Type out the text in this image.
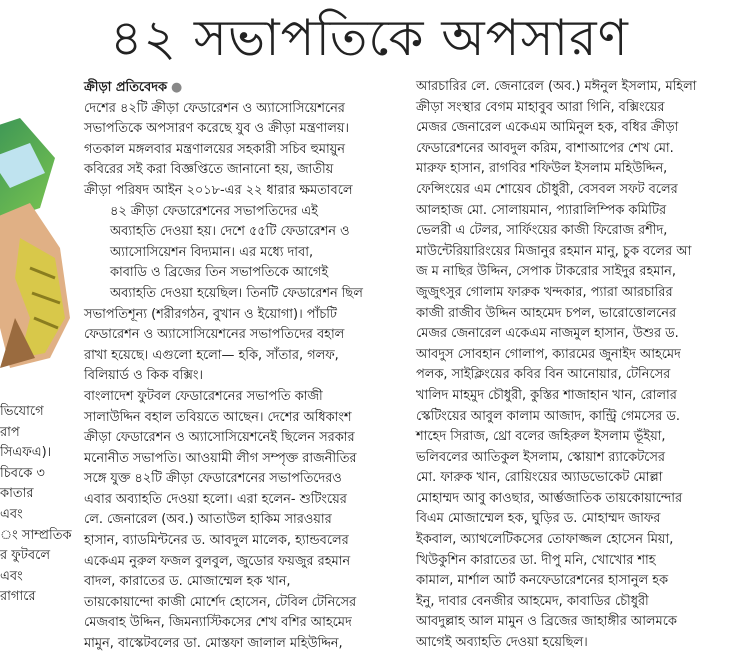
৪২ সভাপতিকে অপসারণ
ভিযোগে
রাপ
সিএফএ)।
চিবকে ৩
কাতার
এবং
ং সাম্প্রতিক
র ফুটবলে
এবং
রাগারে
ক্রীড়া প্রতিবেদক ●
দেশের ৪২টি ক্রীড়া ফেডারেশন ও অ্যাসোসিয়েশনের
সভাপতিকে অপসারণ করেছে যুব ও ক্রীড়া মন্ত্রণালয়।
গতকাল মঙ্গলবার মন্ত্রণালয়ের সহকারী সচিব হুমায়ুন
কবিরের সই করা বিজ্ঞপ্তিতে জানানো হয়, জাতীয়
ক্রীড়া পরিষদ আইন ২০১৮-এর ২২ ধারার ক্ষমতাবলে
৪২ ক্রীড়া ফেডারেশনের সভাপতিদের এই
অব্যাহতি দেওয়া হয়। দেশে ৫৫টি ফেডারেশন ও
অ্যাসোসিয়েশন বিদ্যমান। এর মধ্যে দাবা,
কাবাডি ও ব্রিজের তিন সভাপতিকে আগেই
অব্যাহতি দেওয়া হয়েছিল। তিনটি ফেডারেশন ছিল
সভাপতিশূন্য (শরীরগঠন, বুখান ও ইয়োগা)। পাঁচটি
ফেডারেশন ও অ্যাসোসিয়েশনের সভাপতিদের বহাল
রাখা হয়েছে। এগুলো হলো— হকি, সাঁতার, গলফ,
বিলিয়ার্ড ও কিক বক্সিং।
বাংলাদেশ ফুটবল ফেডারেশনের সভাপতি কাজী
সালাউদ্দিন বহাল তবিয়তে আছেন। দেশের অধিকাংশ
ক্রীড়া ফেডারেশন ও অ্যাসোসিয়েশনেই ছিলেন সরকার
মনোনীত সভাপতি। আওয়ামী লীগ সম্পৃক্ত রাজনীতির
সঙ্গে যুক্ত ৪২টি ক্রীড়া ফেডারেশনের সভাপতিদেরও
এবার অব্যাহতি দেওয়া হলো। এরা হলেন- শুটিংয়ের
লে. জেনারেল (অব.) আতাউল হাকিম সারওয়ার
হাসান, ব্যাডমিন্টনের ড. আবদুল মালেক, হ্যান্ডবলের
একেএম নুরুল ফজল বুলবুল, জুডোর ফয়জুর রহমান
বাদল, কারাতের ড. মোজাম্মেল হক খান,
তায়কোয়ান্দো কাজী মোর্শেদ হোসেন, টেবিল টেনিসের
মেজবাহ উদ্দিন, জিমন্যাস্টিকসের শেখ বশির আহমেদ
মামুন, বাস্কেটবলের ডা. মোস্তফা জালাল মহিউদ্দিন,
আরচারির লে. জেনারেল (অব.) মঈনুল ইসলাম, মহিলা
ক্রীড়া সংস্থার বেগম মাহাবুব আরা গিনি, বক্সিংয়ের
মেজর জেনারেল একেএম আমিনুল হক, বধির ক্রীড়া
ফেডারেশনের আবদুল করিম, বাশাআপের শেখ মো.
মারুফ হাসান, রাগবির শফিউল ইসলাম মহিউদ্দিন,
ফেন্সিংয়ের এম শোয়েব চৌধুরী, বেসবল সফট বলের
আলহাজ মো. সোলায়মান, প্যারালিম্পিক কমিটির
ভেলরী এ টেলর, সার্ফিংয়ের কাজী ফিরোজ রশীদ,
মাউন্টেরিয়ারিংয়ের মিজানুর রহমান মানু, চুক বলের আ
জ ম নাছির উদ্দিন, সেপাক টাকরোর সাইদুর রহমান,
জুজুৎসুর গোলাম ফারুক খন্দকার, প্যারা আরচারির
কাজী রাজীব উদ্দিন আহমেদ চপল, ভারোত্তোলনের
মেজর জেনারেল একেএম নাজমুল হাসান, উশুর ড.
আবদুস সোবহান গোলাপ, ক্যারমের জুনাইদ আহমেদ
পলক, সাইক্লিংয়ের কবির বিন আনোয়ার, টেনিসের
খালিদ মাহমুদ চৌধুরী, কুস্তির শাজাহান খান, রোলার
স্কেটিংয়ের আবুল কালাম আজাদ, কান্ট্রি গেমসের ড.
শাহেদ সিরাজ, থ্রো বলের জহিরুল ইসলাম ভূঁইয়া,
ভলিবলের আতিকুল ইসলাম, স্কোয়াশ র‍্যাকেটসের
মো. ফারুক খান, রোয়িংয়ের অ্যাডভোকেট মোল্লা
মোহাম্মদ আবু কাওছার, আর্ম্ভজাতিক তায়কোয়ান্দোর
বিএম মোজাম্মেল হক, ঘুড়ির ড. মোহাম্মদ জাফর
ইকবাল, অ্যাথলেটিকসের তোফাজ্জল হোসেন মিয়া,
খিউকুশিন কারাতের ডা. দীপু মনি, খোখোর শাহ
কামাল, মার্শাল আর্ট কনফেডারেশনের হাসানুল হক
ইনু, দাবার বেনজীর আহমেদ, কাবাডির চৌধুরী
আবদুল্লাহ আল মামুন ও ব্রিজের জাহাঙ্গীর আলমকে
আগেই অব্যাহতি দেওয়া হয়েছিল।
